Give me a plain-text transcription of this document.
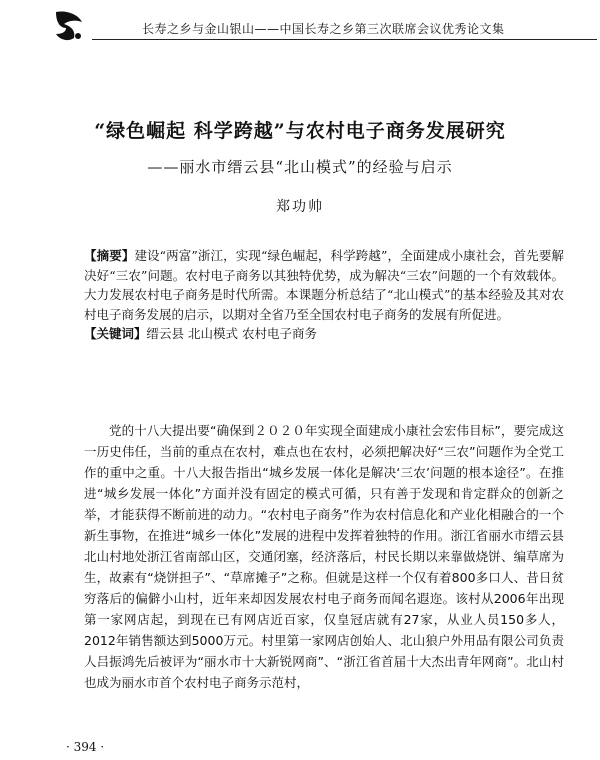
长寿之乡与金山银山——中国长寿之乡第三次联席会议优秀论文集
“绿色崛起 科学跨越”与农村电子商务发展研究
——丽水市缙云县“北山模式”的经验与启示
郑功帅

【摘要】建设“两富”浙江，实现“绿色崛起，科学跨越”，全面建成小康社会，首先要解决好“三农”问题。农村电子商务以其独特优势，成为解决“三农”问题的一个有效载体。大力发展农村电子商务是时代所需。本课题分析总结了“北山模式”的基本经验及其对农村电子商务发展的启示，以期对全省乃至全国农村电子商务的发展有所促进。

【关键词】缙云县 北山模式 农村电子商务

党的十八大提出要“确保到２０２０年实现全面建成小康社会宏伟目标”，要完成这一历史伟任，当前的重点在农村，难点也在农村，必须把解决好“三农”问题作为全党工作的重中之重。十八大报告指出“城乡发展一体化是解决‘三农’问题的根本途径”。在推进“城乡发展一体化”方面并没有固定的模式可循，只有善于发现和肯定群众的创新之举，才能获得不断前进的动力。“农村电子商务”作为农村信息化和产业化相融合的一个新生事物，在推进“城乡一体化”发展的进程中发挥着独特的作用。浙江省丽水市缙云县北山村地处浙江省南部山区，交通闭塞，经济落后，村民长期以来靠做烧饼、编草席为生，故素有“烧饼担子”、“草席摊子”之称。但就是这样一个仅有着800多口人、昔日贫穷落后的偏僻小山村，近年来却因发展农村电子商务而闻名遐迩。该村从2006年出现第一家网店起，到现在已有网店近百家，仅皇冠店就有27家，从业人员150多人，2012年销售额达到5000万元。村里第一家网店创始人、北山狼户外用品有限公司负责人吕振鸿先后被评为“丽水市十大新锐网商”、“浙江省首届十大杰出青年网商”。北山村也成为丽水市首个农村电子商务示范村，

· 394 ·
